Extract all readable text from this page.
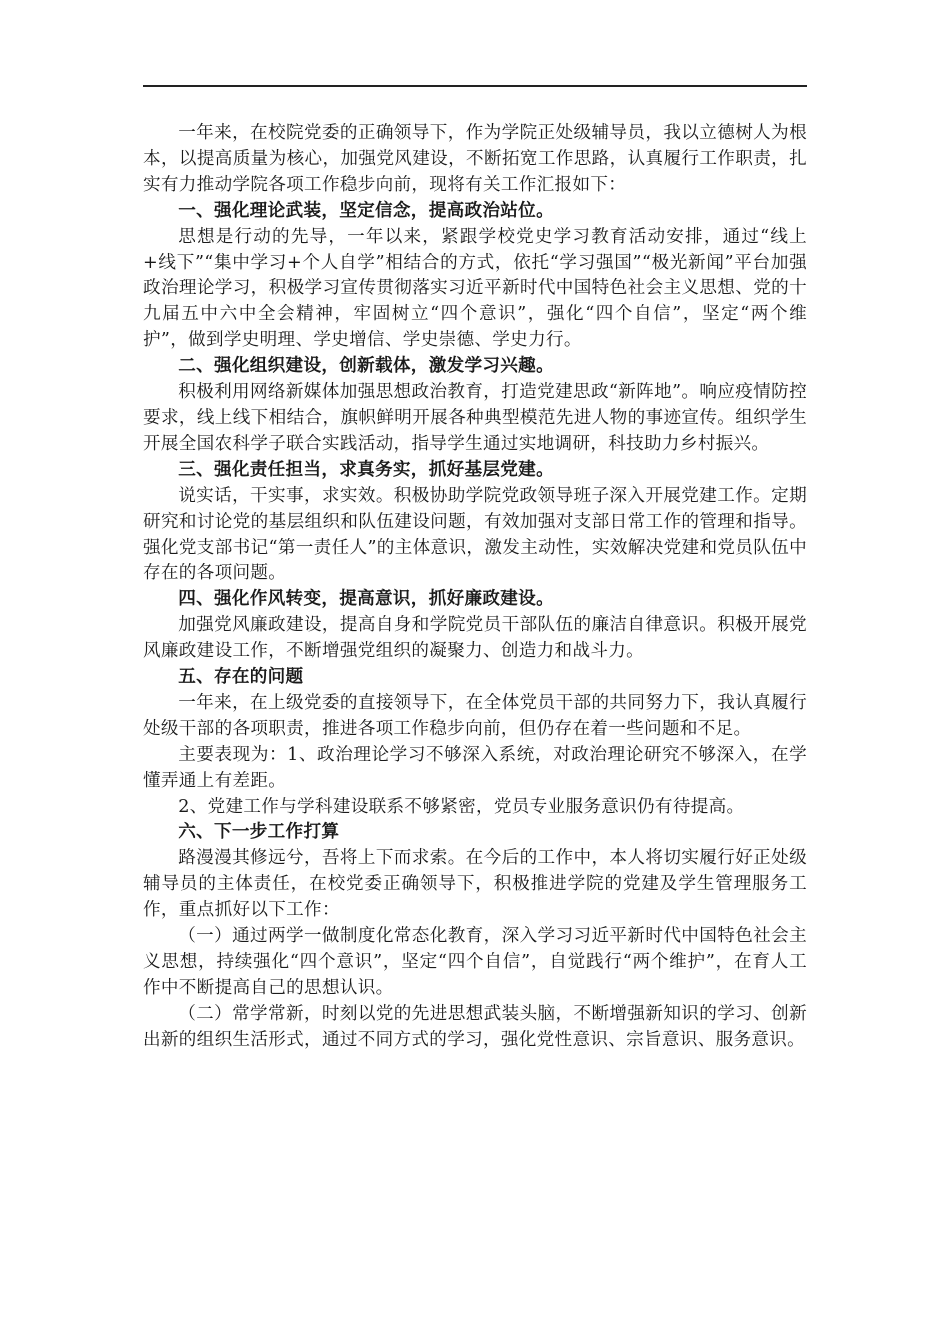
一年来，在校院党委的正确领导下，作为学院正处级辅导员，我以立德树人为根本，以提高质量为核心，加强党风建设，不断拓宽工作思路，认真履行工作职责，扎实有力推动学院各项工作稳步向前，现将有关工作汇报如下：

一、强化理论武装，坚定信念，提高政治站位。

思想是行动的先导，一年以来，紧跟学校党史学习教育活动安排，通过“线上+线下”“集中学习+个人自学”相结合的方式，依托“学习强国”“极光新闻”平台加强政治理论学习，积极学习宣传贯彻落实习近平新时代中国特色社会主义思想、党的十九届五中六中全会精神，牢固树立“四个意识”，强化“四个自信”，坚定“两个维护”，做到学史明理、学史增信、学史崇德、学史力行。

二、强化组织建设，创新载体，激发学习兴趣。

积极利用网络新媒体加强思想政治教育，打造党建思政“新阵地”。响应疫情防控要求，线上线下相结合，旗帜鲜明开展各种典型模范先进人物的事迹宣传。组织学生开展全国农科学子联合实践活动，指导学生通过实地调研，科技助力乡村振兴。

三、强化责任担当，求真务实，抓好基层党建。

说实话，干实事，求实效。积极协助学院党政领导班子深入开展党建工作。定期研究和讨论党的基层组织和队伍建设问题，有效加强对支部日常工作的管理和指导。强化党支部书记“第一责任人”的主体意识，激发主动性，实效解决党建和党员队伍中存在的各项问题。

四、强化作风转变，提高意识，抓好廉政建设。

加强党风廉政建设，提高自身和学院党员干部队伍的廉洁自律意识。积极开展党风廉政建设工作，不断增强党组织的凝聚力、创造力和战斗力。

五、存在的问题

一年来，在上级党委的直接领导下，在全体党员干部的共同努力下，我认真履行处级干部的各项职责，推进各项工作稳步向前，但仍存在着一些问题和不足。

主要表现为：1、政治理论学习不够深入系统，对政治理论研究不够深入，在学懂弄通上有差距。

2、党建工作与学科建设联系不够紧密，党员专业服务意识仍有待提高。

六、下一步工作打算

路漫漫其修远兮，吾将上下而求索。在今后的工作中，本人将切实履行好正处级辅导员的主体责任，在校党委正确领导下，积极推进学院的党建及学生管理服务工作，重点抓好以下工作：

（一）通过两学一做制度化常态化教育，深入学习习近平新时代中国特色社会主义思想，持续强化“四个意识”，坚定“四个自信”，自觉践行“两个维护”，在育人工作中不断提高自己的思想认识。

（二）常学常新，时刻以党的先进思想武装头脑，不断增强新知识的学习、创新出新的组织生活形式，通过不同方式的学习，强化党性意识、宗旨意识、服务意识。
